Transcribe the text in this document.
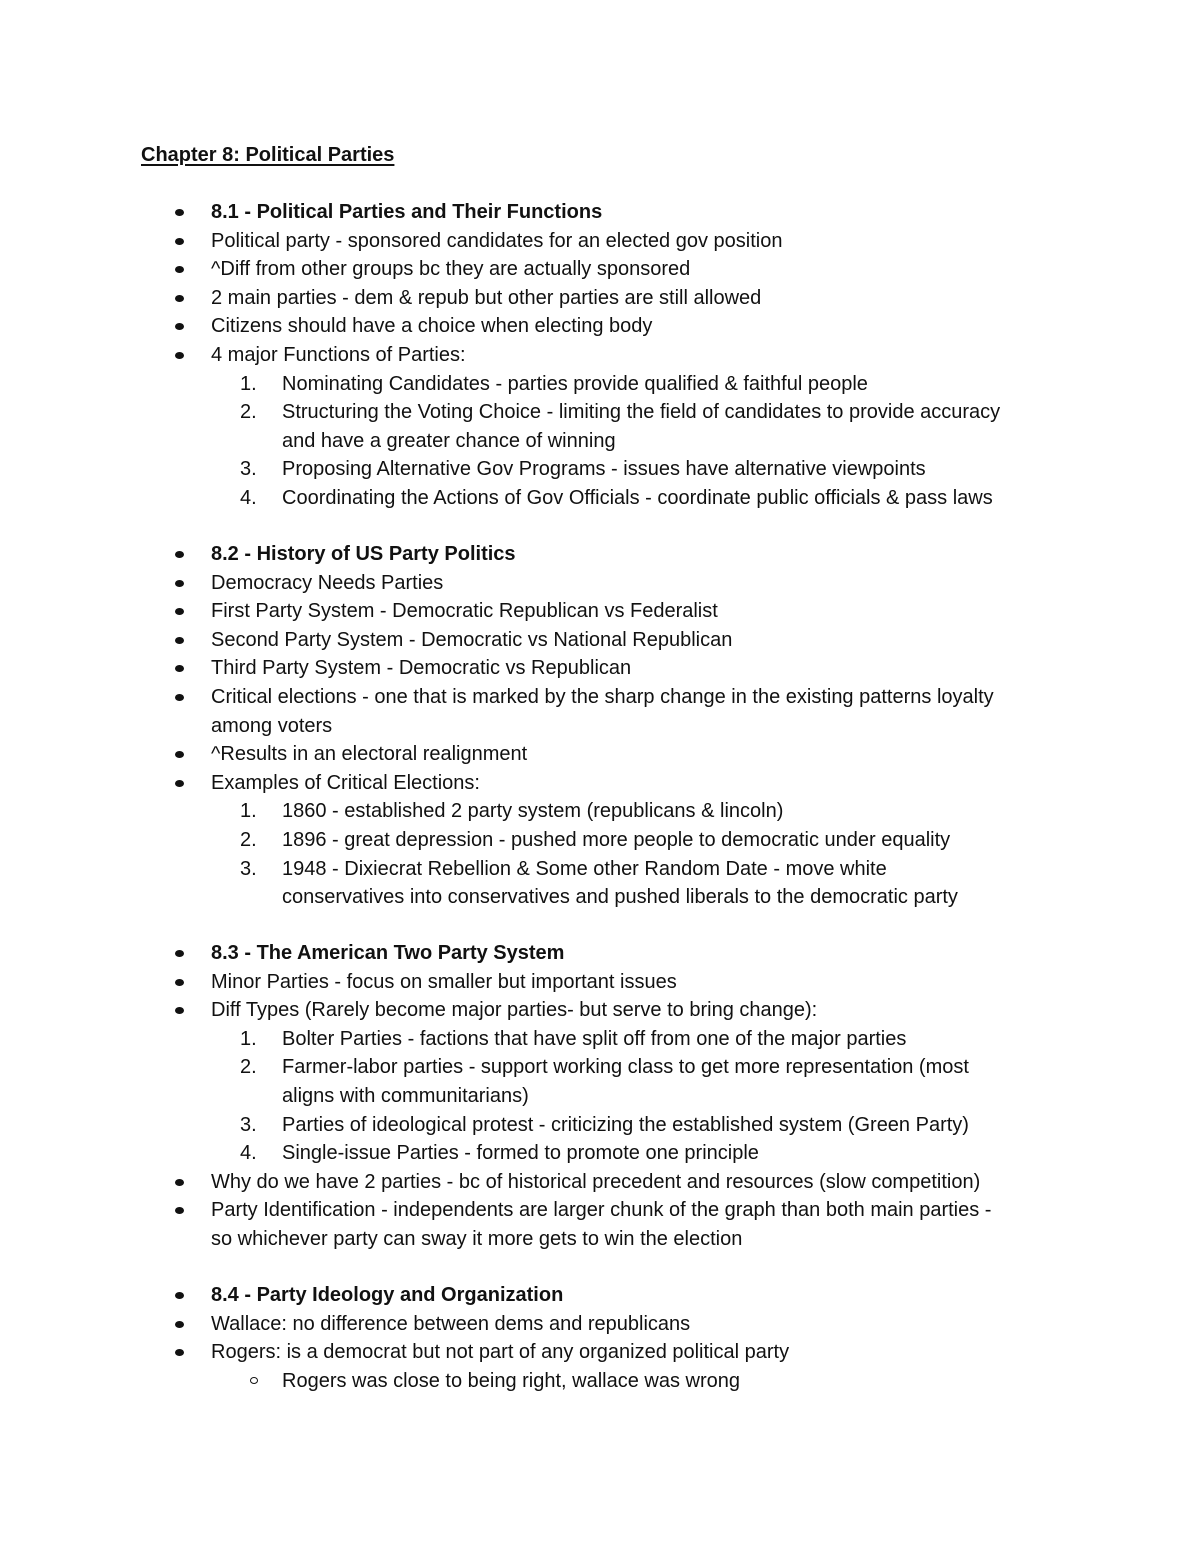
Chapter 8: Political Parties
8.1 - Political Parties and Their Functions
Political party - sponsored candidates for an elected gov position
^Diff from other groups bc they are actually sponsored
2 main parties - dem & repub but other parties are still allowed
Citizens should have a choice when electing body
4 major Functions of Parties:
1.	Nominating Candidates - parties provide qualified & faithful people
2.	Structuring the Voting Choice - limiting the field of candidates to provide accuracy
and have a greater chance of winning
3.	Proposing Alternative Gov Programs - issues have alternative viewpoints
4.	Coordinating the Actions of Gov Officials - coordinate public officials & pass laws
8.2 - History of US Party Politics
Democracy Needs Parties
First Party System - Democratic Republican vs Federalist
Second Party System - Democratic vs National Republican
Third Party System - Democratic vs Republican
Critical elections - one that is marked by the sharp change in the existing patterns loyalty
among voters
^Results in an electoral realignment
Examples of Critical Elections:
1.	1860 - established 2 party system (republicans & lincoln)
2.	1896 - great depression - pushed more people to democratic under equality
3.	1948 - Dixiecrat Rebellion & Some other Random Date - move white
conservatives into conservatives and pushed liberals to the democratic party
8.3 - The American Two Party System
Minor Parties - focus on smaller but important issues
Diff Types (Rarely become major parties- but serve to bring change):
1.	Bolter Parties - factions that have split off from one of the major parties
2.	Farmer-labor parties - support working class to get more representation (most
aligns with communitarians)
3.	Parties of ideological protest - criticizing the established system (Green Party)
4.	Single-issue Parties - formed to promote one principle
Why do we have 2 parties - bc of historical precedent and resources (slow competition)
Party Identification - independents are larger chunk of the graph than both main parties -
so whichever party can sway it more gets to win the election
8.4 - Party Ideology and Organization
Wallace: no difference between dems and republicans
Rogers: is a democrat but not part of any organized political party
Rogers was close to being right, wallace was wrong
